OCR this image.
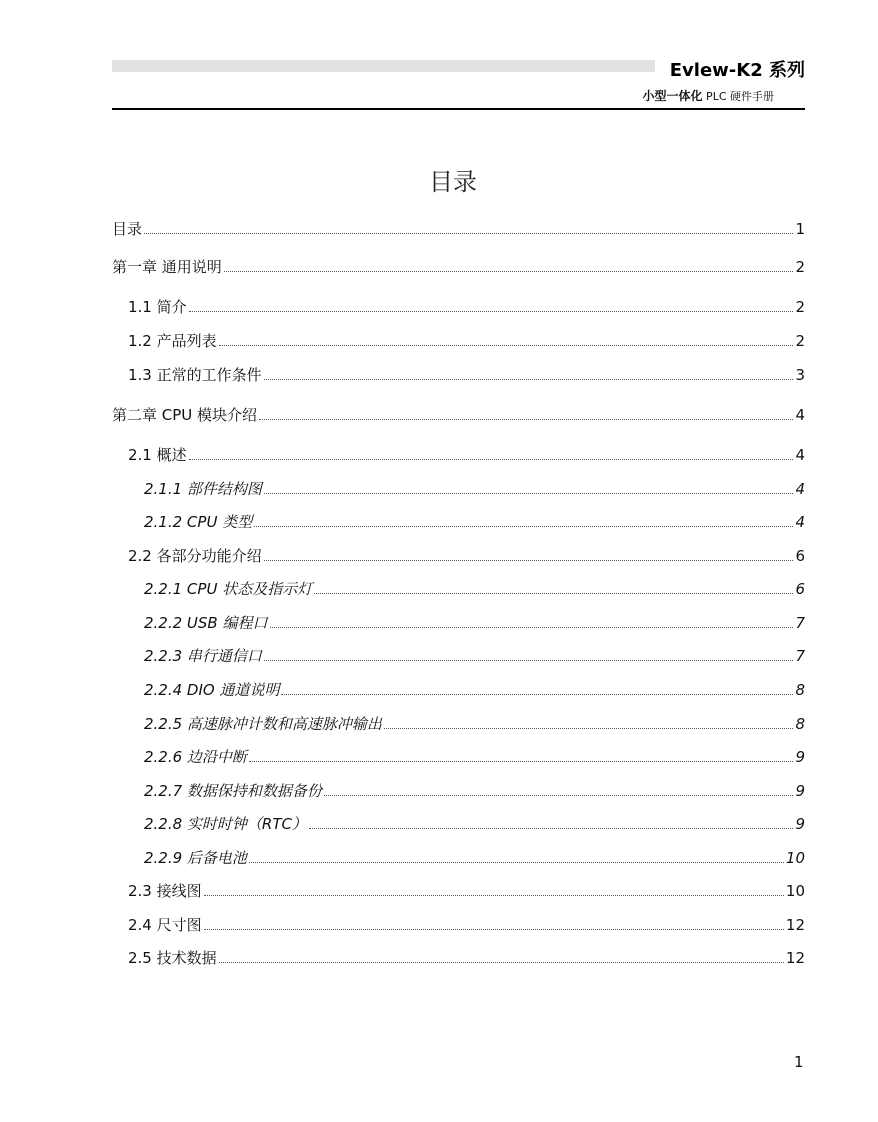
Evlew-K2 系列
小型一体化 PLC 硬件手册
目录
目录	1
第一章 通用说明	2
1.1 简介	2
1.2 产品列表	2
1.3 正常的工作条件	3
第二章 CPU 模块介绍	4
2.1 概述	4
2.1.1 部件结构图	4
2.1.2 CPU 类型	4
2.2 各部分功能介绍	6
2.2.1 CPU 状态及指示灯	6
2.2.2 USB 编程口	7
2.2.3 串行通信口	7
2.2.4 DIO 通道说明	8
2.2.5 高速脉冲计数和高速脉冲输出	8
2.2.6 边沿中断	9
2.2.7 数据保持和数据备份	9
2.2.8 实时时钟（RTC）	9
2.2.9 后备电池	10
2.3 接线图	10
2.4 尺寸图	12
2.5 技术数据	12
1
